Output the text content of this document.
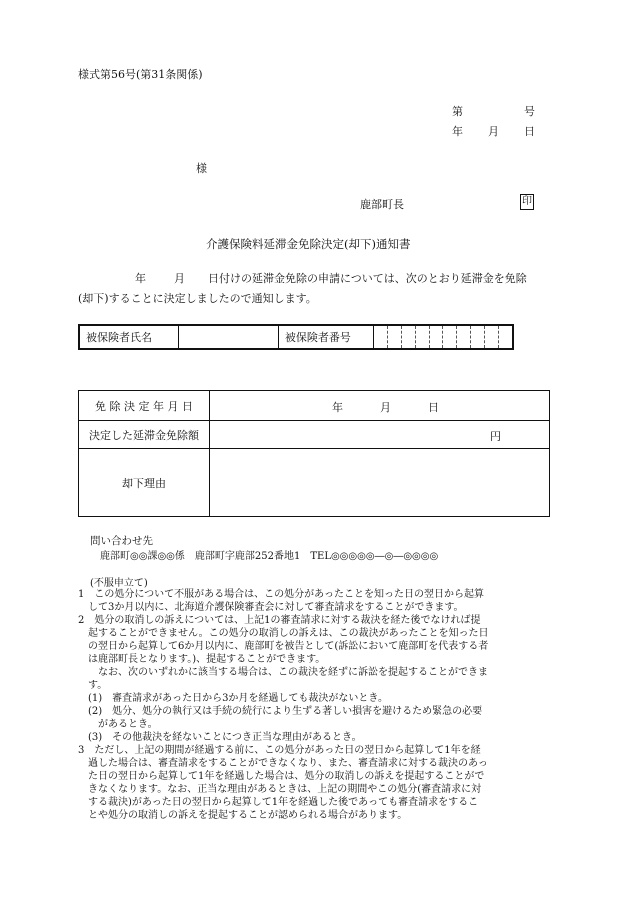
様式第56号(第31条関係)
第	号
年 月 日
様
鹿部町長	印
介護保険料延滞金免除決定(却下)通知書
年	月 日付けの延滞金免除の申請については、次のとおり延滞金を免除
(却下)することに決定しましたので通知します。
被保険者氏名		被保険者番号										
免 除 決 定 年 月 日	年 月 日

決定した延滞金免除額	円

却下理由	
問い合わせ先
鹿部町◎◎課◎◎係　鹿部町字鹿部252番地1　TEL◎◎◎◎◎―◎―◎◎◎◎
(不服申立て)
1　この処分について不服がある場合は、この処分があったことを知った日の翌日から起算
　して3か月以内に、北海道介護保険審査会に対して審査請求をすることができます。
2　処分の取消しの訴えについては、上記1の審査請求に対する裁決を経た後でなければ提
　起することができません。この処分の取消しの訴えは、この裁決があったことを知った日
　の翌日から起算して6か月以内に、鹿部町を被告として(訴訟において鹿部町を代表する者
　は鹿部町長となります。)、提起することができます。
　　なお、次のいずれかに該当する場合は、この裁決を経ずに訴訟を提起することができま
　す。
　(1)　審査請求があった日から3か月を経過しても裁決がないとき。
　(2)　処分、処分の執行又は手続の続行により生ずる著しい損害を避けるため緊急の必要
　　があるとき。
　(3)　その他裁決を経ないことにつき正当な理由があるとき。
3　ただし、上記の期間が経過する前に、この処分があった日の翌日から起算して1年を経
　過した場合は、審査請求をすることができなくなり、また、審査請求に対する裁決のあっ
　た日の翌日から起算して1年を経過した場合は、処分の取消しの訴えを提起することがで
　きなくなります。なお、正当な理由があるときは、上記の期間やこの処分(審査請求に対
　する裁決)があった日の翌日から起算して1年を経過した後であっても審査請求をするこ
　とや処分の取消しの訴えを提起することが認められる場合があります。
